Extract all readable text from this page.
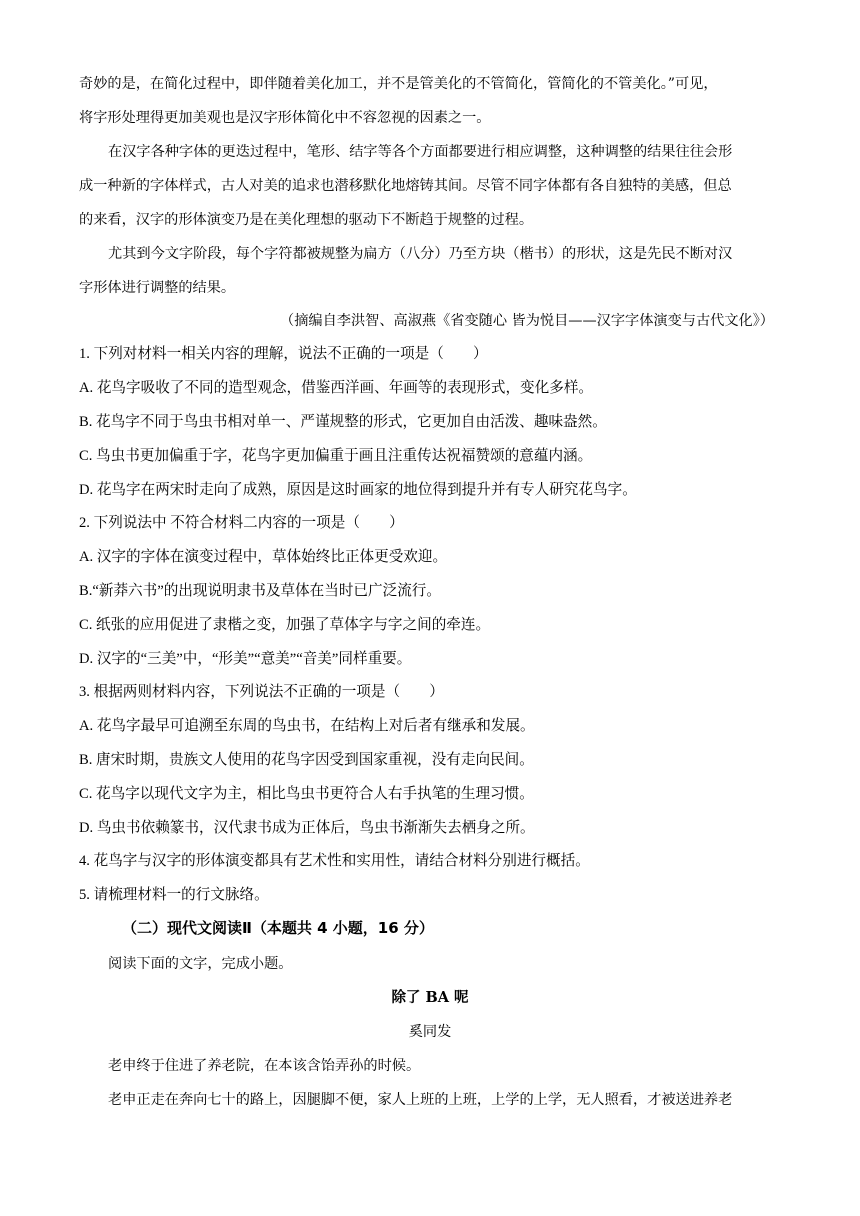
奇妙的是，在简化过程中，即伴随着美化加工，并不是管美化的不管简化，管简化的不管美化。”可见，
将字形处理得更加美观也是汉字形体简化中不容忽视的因素之一。
在汉字各种字体的更迭过程中，笔形、结字等各个方面都要进行相应调整，这种调整的结果往往会形
成一种新的字体样式，古人对美的追求也潜移默化地熔铸其间。尽管不同字体都有各自独特的美感，但总
的来看，汉字的形体演变乃是在美化理想的驱动下不断趋于规整的过程。
尤其到今文字阶段，每个字符都被规整为扁方（八分）乃至方块（楷书）的形状，这是先民不断对汉
字形体进行调整的结果。
（摘编自李洪智、高淑燕《省变随心 皆为悦目——汉字字体演变与古代文化》）
1. 下列对材料一相关内容的理解，说法不正确的一项是（　　）
A. 花鸟字吸收了不同的造型观念，借鉴西洋画、年画等的表现形式，变化多样。
B. 花鸟字不同于鸟虫书相对单一、严谨规整的形式，它更加自由活泼、趣味盎然。
C. 鸟虫书更加偏重于字，花鸟字更加偏重于画且注重传达祝福赞颂的意蕴内涵。
D. 花鸟字在两宋时走向了成熟，原因是这时画家的地位得到提升并有专人研究花鸟字。
2. 下列说法中 不符合材料二内容的一项是（　　）
A. 汉字的字体在演变过程中，草体始终比正体更受欢迎。
B.“新莽六书”的出现说明隶书及草体在当时已广泛流行。
C. 纸张的应用促进了隶楷之变，加强了草体字与字之间的牵连。
D. 汉字的“三美”中，“形美”“意美”“音美”同样重要。
3. 根据两则材料内容，下列说法不正确的一项是（　　）
A. 花鸟字最早可追溯至东周的鸟虫书，在结构上对后者有继承和发展。
B. 唐宋时期，贵族文人使用的花鸟字因受到国家重视，没有走向民间。
C. 花鸟字以现代文字为主，相比鸟虫书更符合人右手执笔的生理习惯。
D. 鸟虫书依赖篆书，汉代隶书成为正体后，鸟虫书渐渐失去栖身之所。
4. 花鸟字与汉字的形体演变都具有艺术性和实用性，请结合材料分别进行概括。
5. 请梳理材料一的行文脉络。
（二）现代文阅读Ⅱ（本题共 4 小题，16 分）
阅读下面的文字，完成小题。
除了 BA 呢
奚同发
老申终于住进了养老院，在本该含饴弄孙的时候。
老申正走在奔向七十的路上，因腿脚不便，家人上班的上班，上学的上学，无人照看，才被送进养老
